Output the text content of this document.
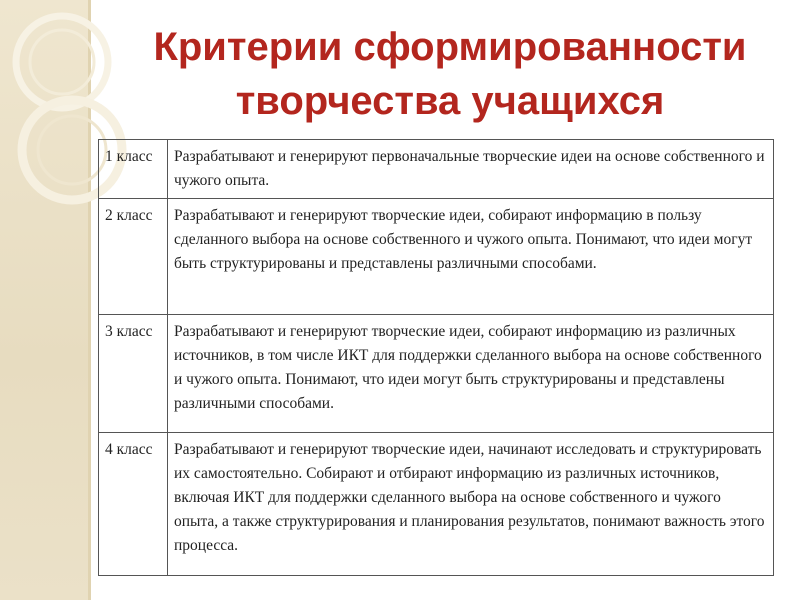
Критерии сформированности
творчества учащихся
1 класс	Разрабатывают и генерируют первоначальные творческие идеи на основе собственного и чужого опыта.
2 класс	Разрабатывают и генерируют творческие идеи, собирают информацию в пользу сделанного выбора на основе собственного и чужого опыта. Понимают, что идеи могут быть структурированы и представлены различными способами.
3 класс	Разрабатывают и генерируют творческие идеи, собирают информацию из различных источников, в том числе ИКТ для поддержки сделанного выбора на основе собственного и чужого опыта. Понимают, что идеи могут быть структурированы и представлены различными способами.
4 класс	Разрабатывают и генерируют творческие идеи, начинают исследовать и структурировать их самостоятельно. Собирают и отбирают информацию из различных источников, включая ИКТ для поддержки сделанного выбора на основе собственного и чужого опыта, а также структурирования и планирования результатов, понимают важность этого процесса.
